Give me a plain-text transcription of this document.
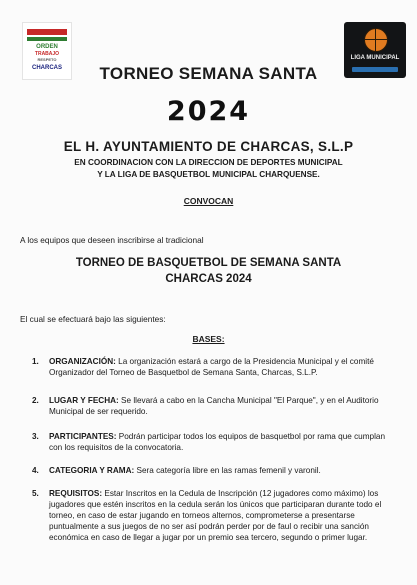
ORDEN
TRABAJO
RESPETO
CHARCAS
LIGA MUNICIPAL
TORNEO SEMANA SANTA
2024
EL H. AYUNTAMIENTO DE CHARCAS, S.L.P
EN COORDINACION CON LA DIRECCION DE DEPORTES MUNICIPAL
Y LA LIGA DE BASQUETBOL MUNICIPAL CHARQUENSE.
CONVOCAN
A los equipos que deseen inscribirse al tradicional
TORNEO DE BASQUETBOL DE SEMANA SANTA
CHARCAS 2024
El cual se efectuará bajo las siguientes:
BASES:
1. ORGANIZACIÓN: La organización estará a cargo de la Presidencia Municipal y el comité Organizador del Torneo de Basquetbol de Semana Santa, Charcas, S.L.P.
2. LUGAR Y FECHA: Se llevará a cabo en la Cancha Municipal "El Parque", y en el Auditorio Municipal de ser requerido.
3. PARTICIPANTES: Podrán participar todos los equipos de basquetbol por rama que cumplan con los requisitos de la convocatoria.
4. CATEGORIA Y RAMA: Sera categoría libre en las ramas femenil y varonil.
5. REQUISITOS: Estar Inscritos en la Cedula de Inscripción (12 jugadores como máximo) los jugadores que estén inscritos en la cedula serán los únicos que participaran durante todo el torneo, en caso de estar jugando en torneos alternos, comprometerse a presentarse puntualmente a sus juegos de no ser así podrán perder por de faul o recibir una sanción económica en caso de llegar a jugar por un premio sea tercero, segundo o primer lugar.
